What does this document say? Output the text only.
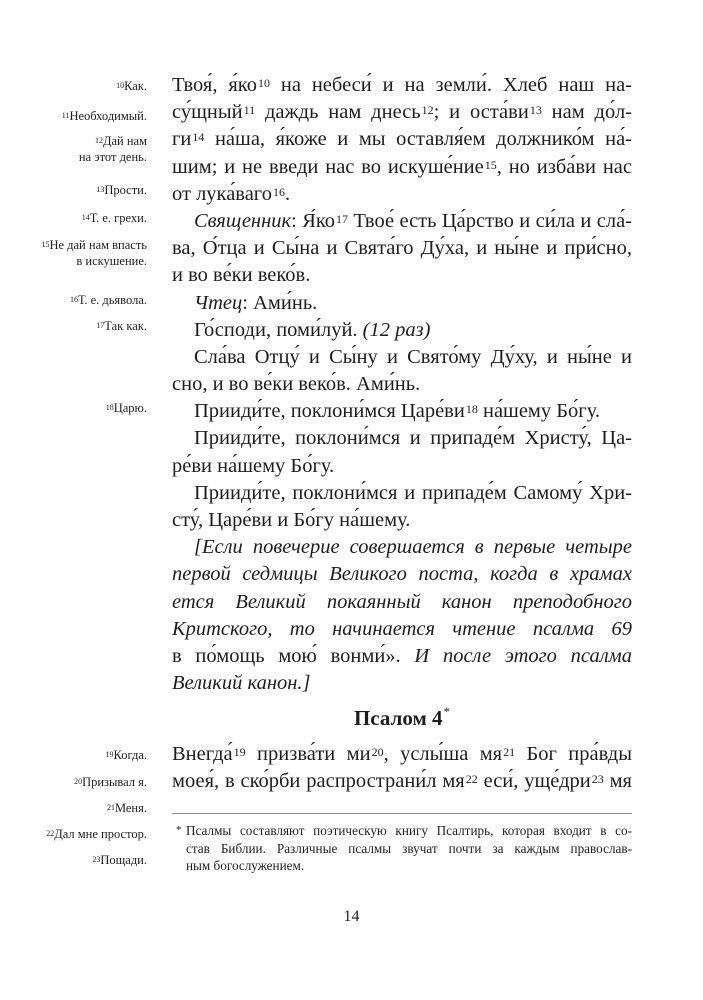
Твоя́, $я́ко^{10}$ на небеси́ и на земли́. Хлеб наш на-
су́щный$^{11}$ даждь нам днесь$^{12}$; и $оста́ви^{13}$ нам до́л-
$ги^{14}$ на́ша, я́коже и мы оставля́ем должнико́м на́-
шим; и не введи нас во искуше́ние$^{15}$, но изба́ви нас
от лука́ваго$^{16}$.
Священник: $Я́ко^{17}$ Твое́ есть Ца́рство и си́ла и сла́-
ва, О́тца и Сы́на и Свята́го Ду́ха, и ны́не и при́сно,
и во ве́ки веко́в.
Чтец: Ами́нь.
Го́споди, поми́луй. (12 раз)
Сла́ва Отцу́ и Сы́ну и Свято́му Ду́ху, и ны́не и
сно, и во ве́ки веко́в. Ами́нь.
Прииди́те, поклони́мся $Царе́ви^{18}$ на́шему Бо́гу.
Прииди́те, поклони́мся и припаде́м Христу́, Ца-
ре́ви на́шему Бо́гу.
Прииди́те, поклони́мся и припаде́м Самому́ Хри-
сту́, Царе́ви и Бо́гу на́шему.
[Если повечерие совершается в первые четыре
первой седмицы Великого поста, когда в храмах
ется Великий покаянный канон преподобного
Критского, то начинается чтение псалма 69
в по́мощь мою́ вонми́». И после этого псалма
Великий канон.]
Псалом 4*
Внегда́$^{19}$ призва́ти $ми^{20}$, услы́ша $мя^{21}$ Бог пра́вды
моея́, в ско́рби распространи́л $мя^{22}$ еси́, уще́дри$^{23}$ мя
* Псалмы составляют поэтическую книгу Псалтирь, которая входит в со-
став Библии. Различные псалмы звучат почти за каждым православ-
ным богослужением.
$^{10}$Как.
$^{11}$Необходимый.
$^{12}$Дай нам
на этот день.
$^{13}$Прости.
$^{14}$Т. е. грехи.
$^{15}$Не дай нам впасть
в искушение.
$^{16}$Т. е. дьявола.
$^{17}$Так как.
$^{18}$Царю.
$^{19}$Когда.
$^{20}$Призывал я.
$^{21}$Меня.
$^{22}$Дал мне простор.
$^{23}$Пощади.
14
